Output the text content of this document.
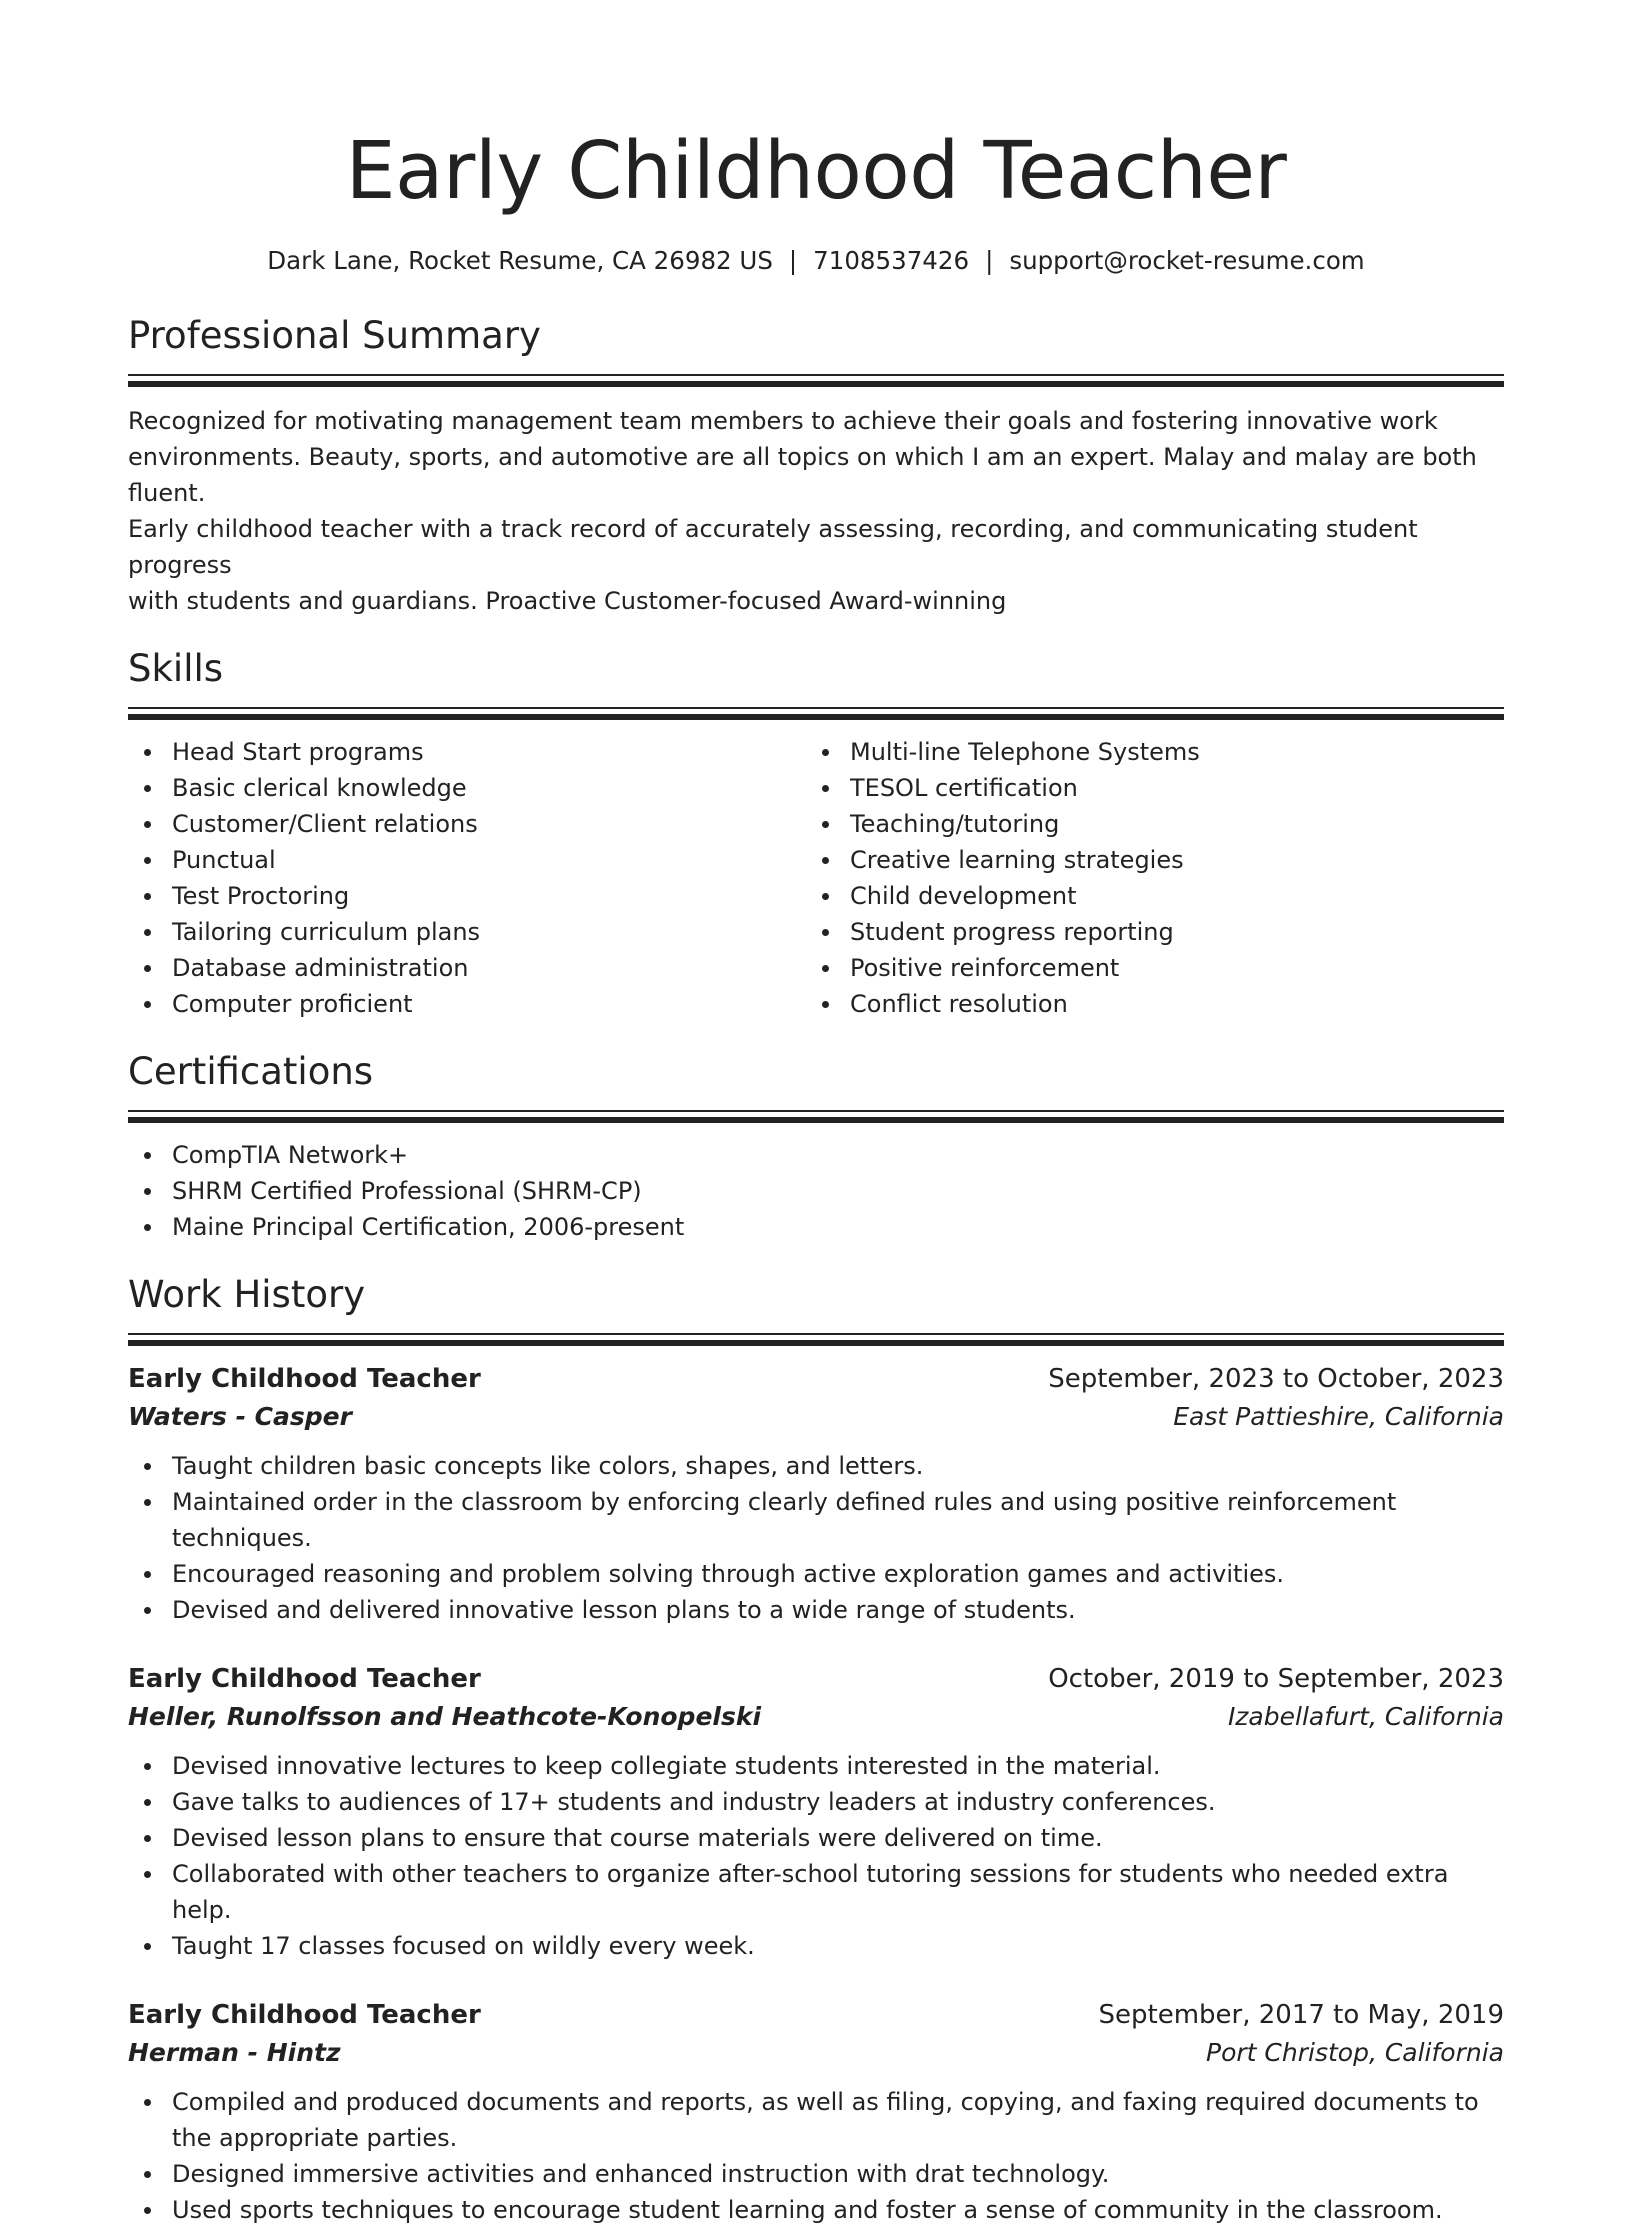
Early Childhood Teacher
Dark Lane, Rocket Resume, CA 26982 US | 7108537426 | support@rocket-resume.com
Professional Summary
Recognized for motivating management team members to achieve their goals and fostering innovative work
environments. Beauty, sports, and automotive are all topics on which I am an expert. Malay and malay are both fluent.
Early childhood teacher with a track record of accurately assessing, recording, and communicating student progress
with students and guardians. Proactive Customer-focused Award-winning
Skills
Head Start programs
Basic clerical knowledge
Customer/Client relations
Punctual
Test Proctoring
Tailoring curriculum plans
Database administration
Computer proficient
Multi-line Telephone Systems
TESOL certification
Teaching/tutoring
Creative learning strategies
Child development
Student progress reporting
Positive reinforcement
Conflict resolution
Certifications
CompTIA Network+
SHRM Certified Professional (SHRM-CP)
Maine Principal Certification, 2006-present
Work History
Early Childhood Teacher	September, 2023 to October, 2023
Waters - Casper	East Pattieshire, California
Taught children basic concepts like colors, shapes, and letters.
Maintained order in the classroom by enforcing clearly defined rules and using positive reinforcement techniques.
Encouraged reasoning and problem solving through active exploration games and activities.
Devised and delivered innovative lesson plans to a wide range of students.
Early Childhood Teacher	October, 2019 to September, 2023
Heller, Runolfsson and Heathcote-Konopelski	Izabellafurt, California
Devised innovative lectures to keep collegiate students interested in the material.
Gave talks to audiences of 17+ students and industry leaders at industry conferences.
Devised lesson plans to ensure that course materials were delivered on time.
Collaborated with other teachers to organize after-school tutoring sessions for students who needed extra help.
Taught 17 classes focused on wildly every week.
Early Childhood Teacher	September, 2017 to May, 2019
Herman - Hintz	Port Christop, California
Compiled and produced documents and reports, as well as filing, copying, and faxing required documents to the appropriate parties.
Designed immersive activities and enhanced instruction with drat technology.
Used sports techniques to encourage student learning and foster a sense of community in the classroom.
